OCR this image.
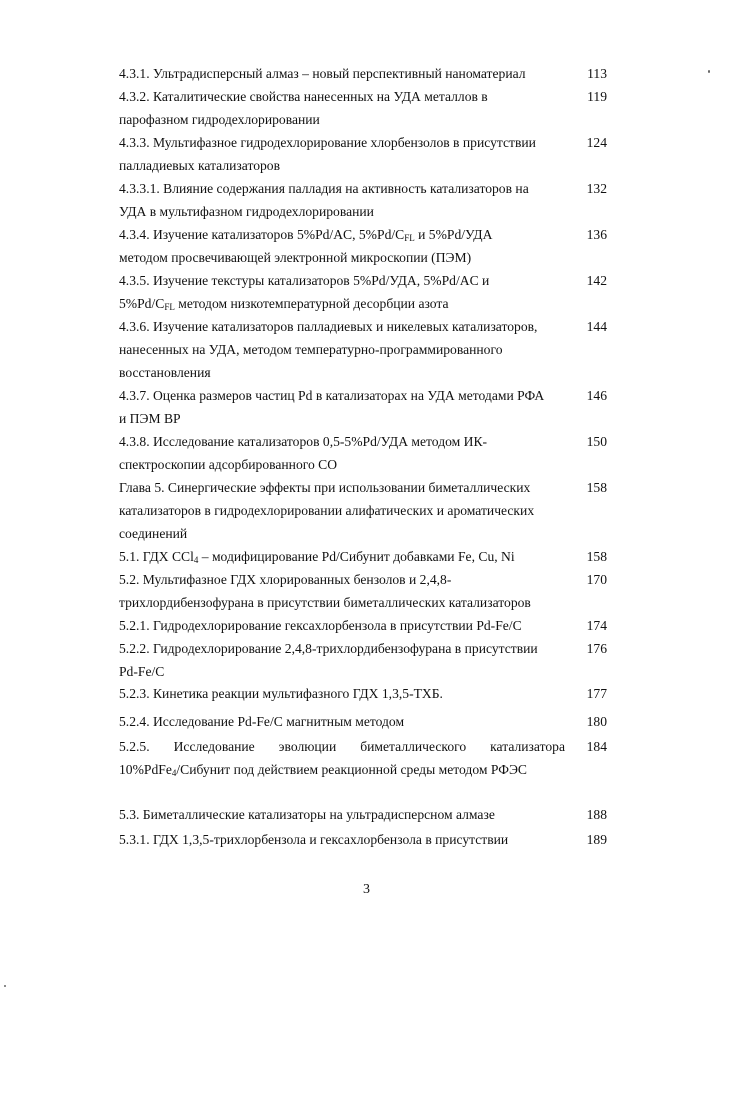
4.3.1. Ультрадисперсный алмаз – новый перспективный наноматериал	113
4.3.2. Каталитические свойства нанесенных на УДА металлов в
парофазном гидродехлорировании
119
4.3.3. Мультифазное гидродехлорирование хлорбензолов в присутствии
палладиевых катализаторов
124
4.3.3.1. Влияние содержания палладия на активность катализаторов на
УДА в мультифазном гидродехлорировании
132
4.3.4. Изучение катализаторов 5%Pd/AC, $5\%Pd/C_{FL}$ и 5%Pd/УДА
методом просвечивающей электронной микроскопии (ПЭМ)
136
4.3.5. Изучение текстуры катализаторов 5%Pd/УДА, 5%Pd/AC и
$5\%Pd/C_{FL}$ методом низкотемпературной десорбции азота
142
4.3.6. Изучение катализаторов палладиевых и никелевых катализаторов,
нанесенных на УДА, методом температурно-программированного
восстановления
144
4.3.7. Оценка размеров частиц Pd в катализаторах на УДА методами РФА
и ПЭМ ВР
146
4.3.8. Исследование катализаторов 0,5-5%Pd/УДА методом ИК-
спектроскопии адсорбированного СО
150
Глава 5. Синергические эффекты при использовании биметаллических
катализаторов в гидродехлорировании алифатических и ароматических
соединений
158
5.1. ГДХ CCl$_4$ – модифицирование Pd/Сибунит добавками Fe, Cu, Ni	158
5.2. Мультифазное ГДХ хлорированных бензолов и 2,4,8-
трихлордибензофурана в присутствии биметаллических катализаторов
170
5.2.1. Гидродехлорирование гексахлорбензола в присутствии Pd-Fe/C	174
5.2.2. Гидродехлорирование 2,4,8-трихлордибензофурана в присутствии
Pd-Fe/C
176
5.2.3. Кинетика реакции мультифазного ГДХ 1,3,5-ТХБ.	177
5.2.4. Исследование Pd-Fe/C магнитным методом	180
5.2.5. Исследование эволюции биметаллического катализатора
10%PdFe$_4$/Сибунит под действием реакционной среды методом РФЭС
184
5.3. Биметаллические катализаторы на ультрадисперсном алмазе	188
5.3.1. ГДХ 1,3,5-трихлорбензола и гексахлорбензола в присутствии	189
3
